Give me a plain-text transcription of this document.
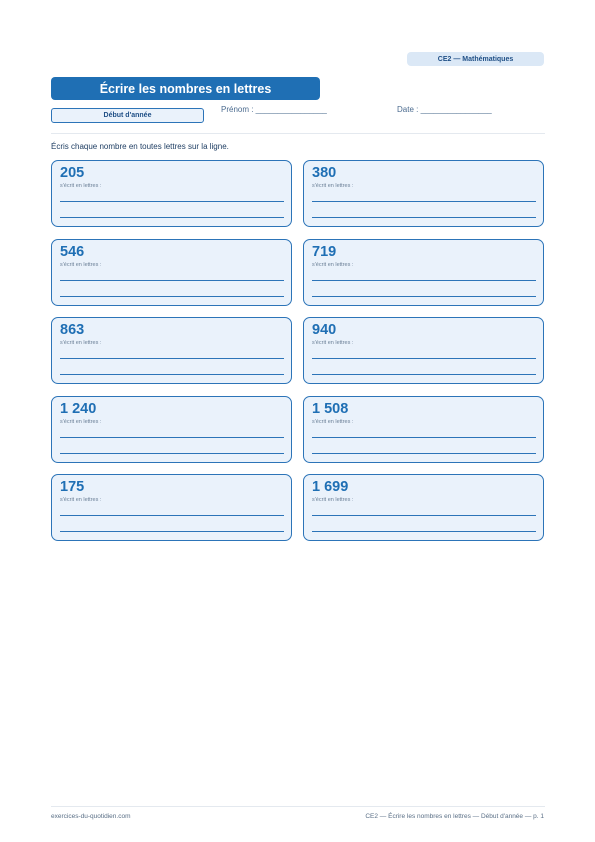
CE2 — Mathématiques
Écrire les nombres en lettres
Début d'année
Prénom : ________________	Date : ________________
Écris chaque nombre en toutes lettres sur la ligne.
205
s'écrit en lettres :
380
s'écrit en lettres :
546
s'écrit en lettres :
719
s'écrit en lettres :
863
s'écrit en lettres :
940
s'écrit en lettres :
1 240
s'écrit en lettres :
1 508
s'écrit en lettres :
175
s'écrit en lettres :
1 699
s'écrit en lettres :
exercices-du-quotidien.com	CE2 — Écrire les nombres en lettres — Début d'année — p. 1
